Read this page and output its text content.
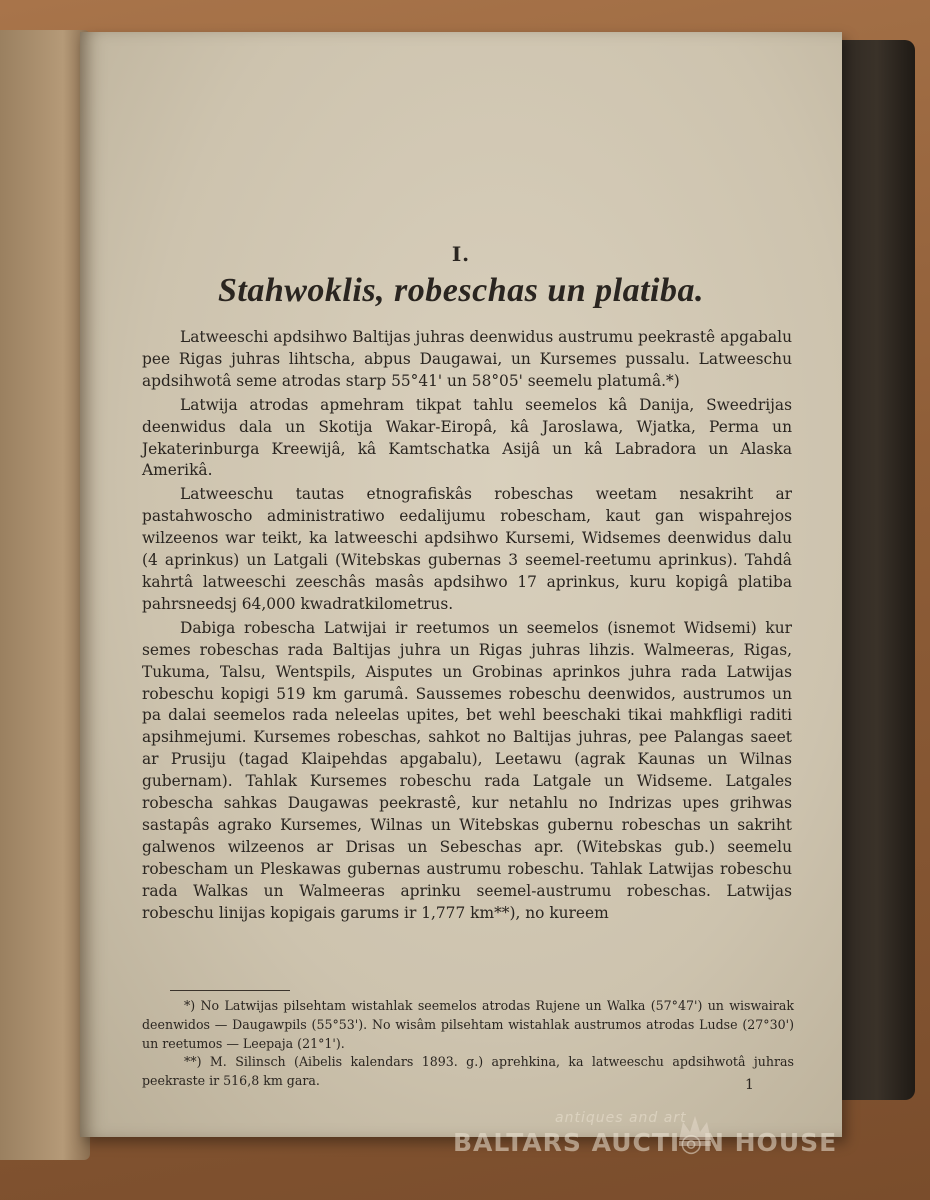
I.
Stahwoklis, robeschas un platiba.

Latweeschi apdsihwo Baltijas juhras deenwidus austrumu peekrastê apgabalu pee Rigas juhras lihtscha, abpus Daugawai, un Kursemes pussalu. Latweeschu apdsihwotâ seme atrodas starp 55°41' un 58°05' seemelu platumâ.*)

Latwija atrodas apmehram tikpat tahlu seemelos kâ Danija, Sweedrijas deenwidus dala un Skotija Wakar-Eiropâ, kâ Jaroslawa, Wjatka, Perma un Jekaterinburga Kreewijâ, kâ Kamtschatka Asijâ un kâ Labradora un Alaska Amerikâ.

Latweeschu tautas etnografiskâs robeschas weetam nesakriht ar pastahwoscho administratiwo eedalijumu robescham, kaut gan wispahrejos wilzeenos war teikt, ka latweeschi apdsihwo Kursemi, Widsemes deenwidus dalu (4 aprinkus) un Latgali (Witebskas gubernas 3 seemel-reetumu aprinkus). Tahdâ kahrtâ latweeschi zeeschâs masâs apdsihwo 17 aprinkus, kuru kopigâ platiba pahrsneedsj 64,000 kwadratkilometrus.

Dabiga robescha Latwijai ir reetumos un seemelos (isnemot Widsemi) kur semes robeschas rada Baltijas juhra un Rigas juhras lihzis. Walmeeras, Rigas, Tukuma, Talsu, Wentspils, Aisputes un Grobinas aprinkos juhra rada Latwijas robeschu kopigi 519 km garumâ. Saussemes robeschu deenwidos, austrumos un pa dalai seemelos rada neleelas upites, bet wehl beeschaki tikai mahkfligi raditi apsihmejumi. Kursemes robeschas, sahkot no Baltijas juhras, pee Palangas saeet ar Prusiju (tagad Klaipehdas apgabalu), Leetawu (agrak Kaunas un Wilnas gubernam). Tahlak Kursemes robeschu rada Latgale un Widseme. Latgales robescha sahkas Daugawas peekrastê, kur netahlu no Indrizas upes grihwas sastapâs agrako Kursemes, Wilnas un Witebskas gubernu robeschas un sakriht galwenos wilzeenos ar Drisas un Sebeschas apr. (Witebskas gub.) seemelu robescham un Pleskawas gubernas austrumu robeschu. Tahlak Latwijas robeschu rada Walkas un Walmeeras aprinku seemel-austrumu robeschas. Latwijas robeschu linijas kopigais garums ir 1,777 km**), no kureem

*) No Latwijas pilsehtam wistahlak seemelos atrodas Rujene un Walka (57°47') un wiswairak deenwidos — Daugawpils (55°53'). No wisâm pilsehtam wistahlak austrumos atrodas Ludse (27°30') un reetumos — Leepaja (21°1').

**) M. Silinsch (Aibelis kalendars 1893. g.) aprehkina, ka latweeschu apdsihwotâ juhras peekraste ir 516,8 km gara.	1
antiques and art
BALTARS AUCTI◎N HOUSE
